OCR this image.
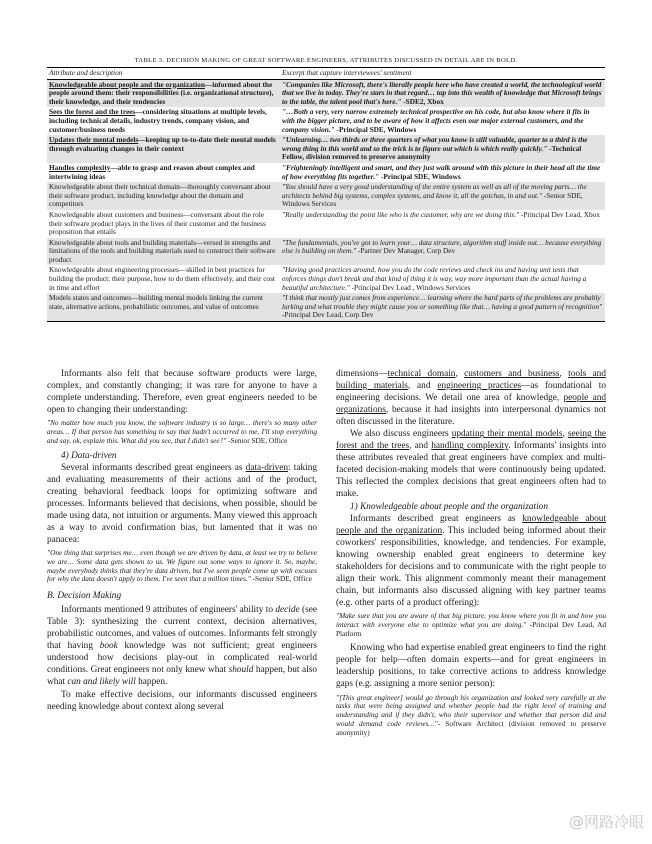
TABLE 3. DECISION MAKING OF GREAT SOFTWARE ENGINEERS, ATTRIBUTES DISCUSSED IN DETAIL ARE IN BOLD.
Attribute and description	Excerpt that capture interviewees' sentiment
Knowledgeable about people and the organization—informed about the people around them: their responsibilities (i.e. organizational structure), their knowledge, and their tendencies	"Companies like Microsoft, there's literally people here who have created a world, the technological world that we live in today. They're stars in that regard… tap into this wealth of knowledge that Microsoft brings to the table, the talent pool that's here." -SDE2, Xbox
Sees the forest and the trees—considering situations at multiple levels, including technical details, industry trends, company vision, and customer/business needs	"…Both a very, very narrow extremely technical prospective on his code, but also know where it fits in with the bigger picture, and to be aware of how it affects even our major external customers, and the company vision." -Principal SDE, Windows
Updates their mental models—keeping up to-to-date their mental models through evaluating changes in their context	"Unlearning… two thirds or three quarters of what you know is still valuable, quarter to a third is the wrong thing in this world and so the trick is to figure out which is which really quickly." -Technical Fellow, division removed to preserve anonymity
Handles complexity—able to grasp and reason about complex and intertwining ideas	"Frighteningly intelligent and smart, and they just walk around with this picture in their head all the time of how everything fits together." -Principal SDE, Windows
Knowledgeable about their technical domain—thoroughly conversant about their software product, including knowledge about the domain and competitors	"You should have a very good understanding of the entire system as well as all of the moving parts… the architects behind big systems, complex systems, and know it, all the gotchas, in and out." -Senior SDE, Windows Services
Knowledgeable about customers and business—conversant about the role their software product plays in the lives of their customer and the business proposition that entails	"Really understanding the point like who is the customer, why are we doing this." -Principal Dev Lead, Xbox
Knowledgeable about tools and building materials—versed in strengths and limitations of the tools and building materials used to construct their software product	"The fundamentals, you've got to learn your… data structure, algorithm stuff inside out… because everything else is building on them." -Partner Dev Manager, Corp Dev
Knowledgeable about engineering processes—skilled in best practices for building the product: their purpose, how to do them effectively, and their cost in time and effort	"Having good practices around, how you do the code reviews and check ins and having unit tests that enforces things don't break and that kind of thing it is way, way more important than the actual having a beautiful architecture." -Principal Dev Lead , Windows Services
Models states and outcomes—building mental models linking the current state, alternative actions, probabilistic outcomes, and value of outcomes	"I think that mostly just comes from experience… learning where the hard parts of the problems are probably lurking and what trouble they might cause you or something like that… having a good pattern of recognition" -Principal Dev Lead, Corp Dev

Informants also felt that because software products were large, complex, and constantly changing; it was rare for anyone to have a complete understanding. Therefore, even great engineers needed to be open to changing their understanding:

"No matter how much you know, the software industry is so large… there's so many other areas… If that person has something to say that hadn't occurred to me, I'll stop everything and say, ok, explain this. What did you see, that I didn't see?" -Senior SDE, Office
4) Data-driven

Several informants described great engineers as data-driven: taking and evaluating measurements of their actions and of the product, creating behavioral feedback loops for optimizing software and processes. Informants believed that decisions, when possible, should be made using data, not intuition or arguments. Many viewed this approach as a way to avoid confirmation bias, but lamented that it was no panacea:

"One thing that surprises me… even though we are driven by data, at least we try to believe we are… Some data gets shown to us. We figure out some ways to ignore it. So, maybe, maybe everybody thinks that they're data driven, but I've seen people come up with excuses for why the data doesn't apply to them. I've seen that a million times." -Senior SDE, Office
B. Decision Making

Informants mentioned 9 attributes of engineers' ability to decide (see Table 3): synthesizing the current context, decision alternatives, probabilistic outcomes, and values of outcomes. Informants felt strongly that having book knowledge was not sufficient; great engineers understood how decisions play-out in complicated real-world conditions. Great engineers not only knew what should happen, but also what can and likely will happen.

To make effective decisions, our informants discussed engineers needing knowledge about context along several

dimensions—technical domain, customers and business, tools and building materials, and engineering practices—as foundational to engineering decisions. We detail one area of knowledge, people and organizations, because it had insights into interpersonal dynamics not often discussed in the literature.

We also discuss engineers updating their mental models, seeing the forest and the trees, and handling complexity. Informants' insights into these attributes revealed that great engineers have complex and multi-faceted decision-making models that were continuously being updated. This reflected the complex decisions that great engineers often had to make.

1) Knowledgeable about people and the organization

Informants described great engineers as knowledgeable about people and the organization. This included being informed about their coworkers' responsibilities, knowledge, and tendencies. For example, knowing ownership enabled great engineers to determine key stakeholders for decisions and to communicate with the right people to align their work. This alignment commonly meant their management chain, but informants also discussed aligning with key partner teams (e.g. other parts of a product offering):

"Make sure that you are aware of that big picture, you know where you fit in and how you interact with everyone else to optimize what you are doing." -Principal Dev Lead, Ad Platform

Knowing who had expertise enabled great engineers to find the right people for help—often domain experts—and for great engineers in leadership positions, to take corrective actions to address knowledge gaps (e.g. assigning a more senior person):

"[This great engineer] would go through his organization and looked very carefully at the tasks that were being assigned and whether people had the right level of training and understanding and if they didn't, who their supervisor and whether that person did and would demand code reviews…"- Software Architect (division removed to preserve anonymity)
@网路冷眼
